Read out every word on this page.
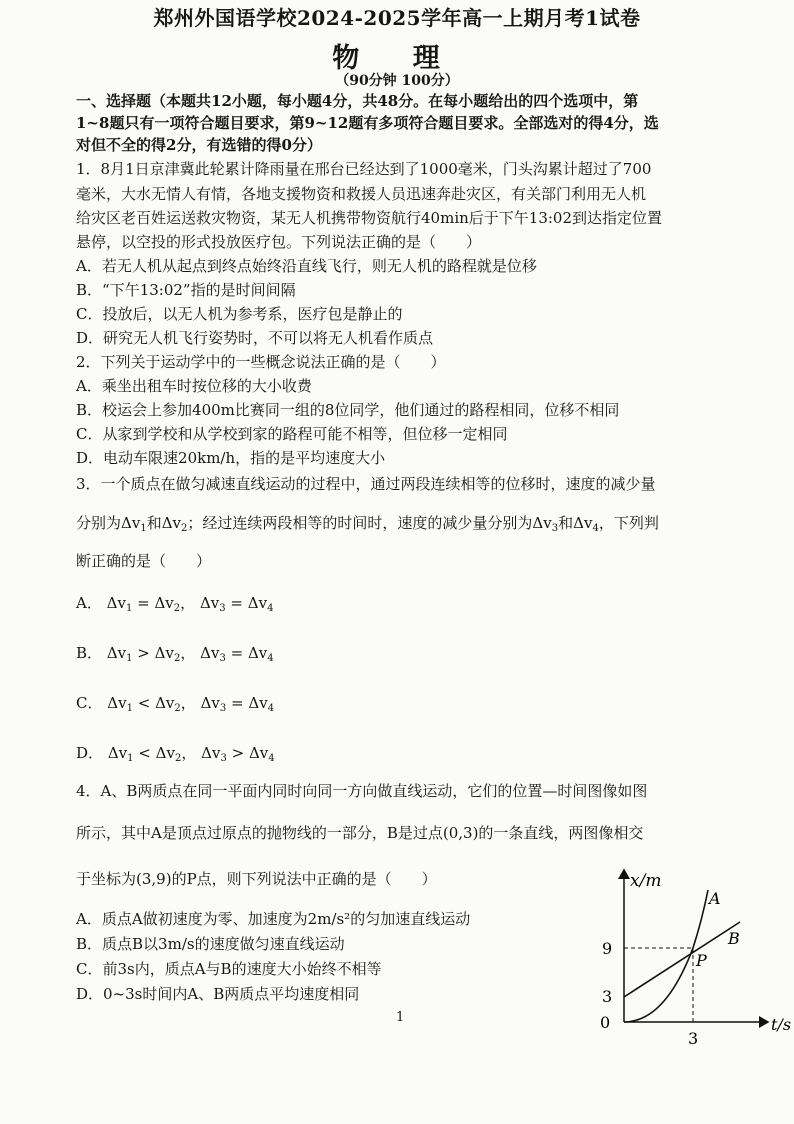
郑州外国语学校2024-2025学年高一上期月考1试卷
物 理
（90分钟 100分）
一、选择题（本题共12小题，每小题4分，共48分。在每小题给出的四个选项中，第
1~8题只有一项符合题目要求，第9~12题有多项符合题目要求。全部选对的得4分，选
对但不全的得2分，有选错的得0分）
1．8月1日京津冀此轮累计降雨量在邢台已经达到了1000毫米，门头沟累计超过了700
毫米，大水无情人有情，各地支援物资和救援人员迅速奔赴灾区，有关部门利用无人机
给灾区老百姓运送救灾物资，某无人机携带物资航行40min后于下午13:02到达指定位置
悬停，以空投的形式投放医疗包。下列说法正确的是（　　）
A．若无人机从起点到终点始终沿直线飞行，则无人机的路程就是位移
B．“下午13:02”指的是时间间隔
C．投放后，以无人机为参考系，医疗包是静止的
D．研究无人机飞行姿势时，不可以将无人机看作质点
2．下列关于运动学中的一些概念说法正确的是（　　）
A．乘坐出租车时按位移的大小收费
B．校运会上参加400m比赛同一组的8位同学，他们通过的路程相同，位移不相同
C．从家到学校和从学校到家的路程可能不相等，但位移一定相同
D．电动车限速20km/h，指的是平均速度大小
3．一个质点在做匀减速直线运动的过程中，通过两段连续相等的位移时，速度的减少量
分别为$\Delta v_1$和$\Delta v_2$；经过连续两段相等的时间时，速度的减少量分别为$\Delta v_3$和$\Delta v_4$，下列判
断正确的是（　　）
A． $\Delta v_1 = \Delta v_2$， $\Delta v_3 = \Delta v_4$
B． $\Delta v_1 > \Delta v_2$， $\Delta v_3 = \Delta v_4$
C． $\Delta v_1 < \Delta v_2$， $\Delta v_3 = \Delta v_4$
D． $\Delta v_1 < \Delta v_2$， $\Delta v_3 > \Delta v_4$
4．A、B两质点在同一平面内同时向同一方向做直线运动，它们的位置—时间图像如图
所示，其中A是顶点过原点的抛物线的一部分，B是过点(0,3)的一条直线，两图像相交
于坐标为(3,9)的P点，则下列说法中正确的是（　　）
A．质点A做初速度为零、加速度为2m/s²的匀加速直线运动
B．质点B以3m/s的速度做匀速直线运动
C．前3s内，质点A与B的速度大小始终不相等
D．0~3s时间内A、B两质点平均速度相同
x/m
t/s
0
9
3
3
A
B
P
1
